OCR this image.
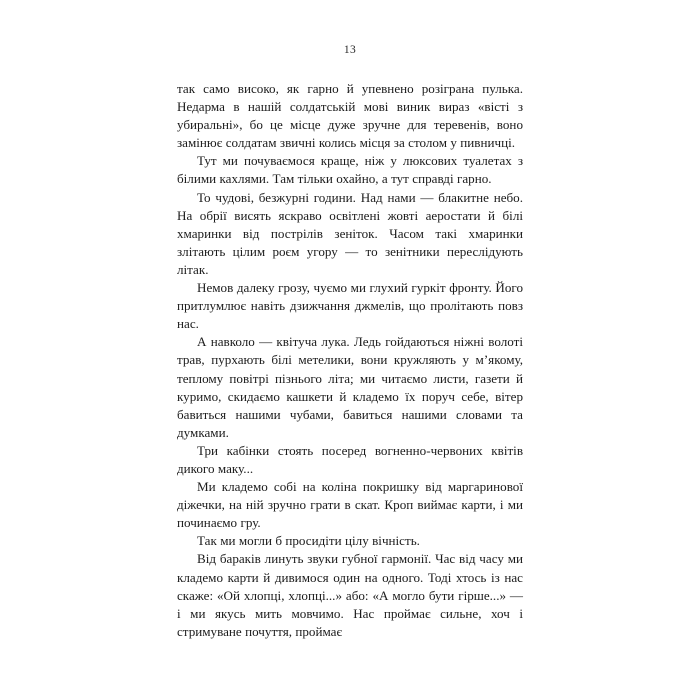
13

так само високо, як гарно й упевнено розіграна пулька. Недарма в нашій солдатській мові виник вираз «вісті з убиральні», бо це місце дуже зручне для теревенів, воно замінює солдатам звичні колись місця за столом у пивничці.

Тут ми почуваємося краще, ніж у люксових туалетах з білими кахлями. Там тільки охайно, а тут справді гарно.

То чудові, безжурні години. Над нами — блакитне небо. На обрії висять яскраво освітлені жовті аеростати й білі хмаринки від пострілів зеніток. Часом такі хмаринки злітають цілим роєм угору — то зенітники переслідують літак.

Немов далеку грозу, чуємо ми глухий гуркіт фронту. Його притлумлює навіть дзижчання джмелів, що пролітають повз нас.

А навколо — квітуча лука. Ледь гойдаються ніжні волоті трав, пурхають білі метелики, вони кружляють у м’якому, теплому повітрі пізнього літа; ми читаємо листи, газети й куримо, скидаємо кашкети й кладемо їх поруч себе, вітер бавиться нашими чубами, бавиться нашими словами та думками.

Три кабінки стоять посеред вогненно-червоних квітів дикого маку...

Ми кладемо собі на коліна покришку від маргаринової діжечки, на ній зручно грати в скат. Кроп виймає карти, і ми починаємо гру.

Так ми могли б просидіти цілу вічність.

Від бараків линуть звуки губної гармонії. Час від часу ми кладемо карти й дивимося один на одного. Тоді хтось із нас скаже: «Ой хлопці, хлопці...» або: «А могло бути гірше...» — і ми якусь мить мовчимо. Нас проймає сильне, хоч і стримуване почуття, проймає
